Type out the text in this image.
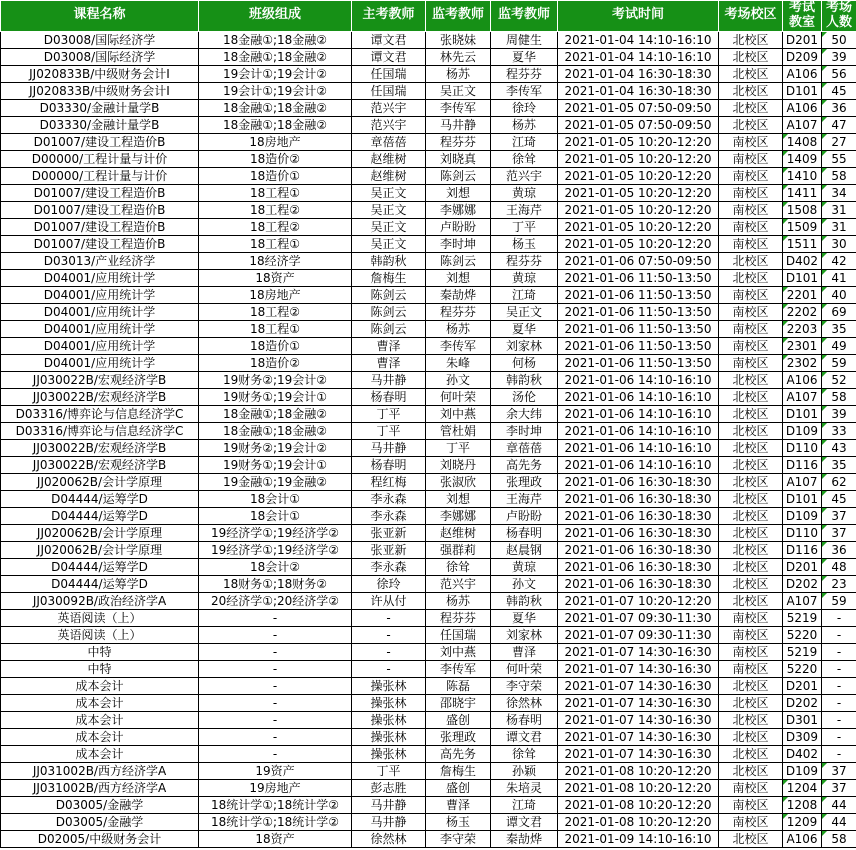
课程名称	班级组成	主考教师	监考教师	监考教师	考试时间	考场校区	考试教室	考场人数
D03008/国际经济学	18金融①;18金融②	谭文君	张晓妹	周健生	2021-01-04 14:10-16:10	北校区	D201	50
D03008/国际经济学	18金融①;18金融②	谭文君	林先云	夏华	2021-01-04 14:10-16:10	北校区	D209	39
JJ020833B/中级财务会计Ⅰ	19会计①;19会计②	任国瑞	杨苏	程芬芬	2021-01-04 16:30-18:30	北校区	A106	56
JJ020833B/中级财务会计Ⅰ	19会计①;19会计②	任国瑞	吴正文	李传军	2021-01-04 16:30-18:30	北校区	D101	45
D03330/金融计量学B	18金融①;18金融②	范兴宇	李传军	徐玲	2021-01-05 07:50-09:50	北校区	A106	36
D03330/金融计量学B	18金融①;18金融②	范兴宇	马井静	杨苏	2021-01-05 07:50-09:50	北校区	A107	47
D01007/建设工程造价B	18房地产	章蓓蓓	程芬芬	江琦	2021-01-05 10:20-12:20	南校区	1408	27
D00000/工程计量与计价	18造价②	赵维树	刘晓真	徐耸	2021-01-05 10:20-12:20	南校区	1409	55
D00000/工程计量与计价	18造价①	赵维树	陈剑云	范兴宇	2021-01-05 10:20-12:20	南校区	1410	58
D01007/建设工程造价B	18工程①	吴正文	刘想	黄琼	2021-01-05 10:20-12:20	南校区	1411	34
D01007/建设工程造价B	18工程②	吴正文	李娜娜	王海芹	2021-01-05 10:20-12:20	南校区	1508	31
D01007/建设工程造价B	18工程②	吴正文	卢盼盼	丁平	2021-01-05 10:20-12:20	南校区	1509	31
D01007/建设工程造价B	18工程①	吴正文	李时坤	杨玉	2021-01-05 10:20-12:20	南校区	1511	30
D03013/产业经济学	18经济学	韩韵秋	陈剑云	程芬芬	2021-01-06 07:50-09:50	北校区	D402	42
D04001/应用统计学	18资产	詹梅生	刘想	黄琼	2021-01-06 11:50-13:50	北校区	D101	41
D04001/应用统计学	18房地产	陈剑云	秦劼烨	江琦	2021-01-06 11:50-13:50	南校区	2201	40
D04001/应用统计学	18工程②	陈剑云	程芬芬	吴正文	2021-01-06 11:50-13:50	南校区	2202	69
D04001/应用统计学	18工程①	陈剑云	杨苏	夏华	2021-01-06 11:50-13:50	南校区	2203	35
D04001/应用统计学	18造价①	曹泽	李传军	刘家林	2021-01-06 11:50-13:50	南校区	2301	49
D04001/应用统计学	18造价②	曹泽	朱峰	何杨	2021-01-06 11:50-13:50	南校区	2302	59
JJ030022B/宏观经济学B	19财务②;19会计②	马井静	孙文	韩韵秋	2021-01-06 14:10-16:10	北校区	A106	52
JJ030022B/宏观经济学B	19财务①;19会计①	杨春明	何叶荣	汤伦	2021-01-06 14:10-16:10	北校区	A107	58
D03316/博弈论与信息经济学C	18金融①;18金融②	丁平	刘中燕	余大纬	2021-01-06 14:10-16:10	北校区	D101	39
D03316/博弈论与信息经济学C	18金融①;18金融②	丁平	管杜娟	李时坤	2021-01-06 14:10-16:10	北校区	D109	33
JJ030022B/宏观经济学B	19财务②;19会计②	马井静	丁平	章蓓蓓	2021-01-06 14:10-16:10	北校区	D110	43
JJ030022B/宏观经济学B	19财务①;19会计①	杨春明	刘晓丹	高先务	2021-01-06 14:10-16:10	北校区	D116	35
JJ020062B/会计学原理	19金融①;19金融②	程红梅	张淑欣	张理政	2021-01-06 16:30-18:30	北校区	A107	62
D04444/运筹学D	18会计①	李永森	刘想	王海芹	2021-01-06 16:30-18:30	北校区	D101	45
D04444/运筹学D	18会计①	李永森	李娜娜	卢盼盼	2021-01-06 16:30-18:30	北校区	D109	37
JJ020062B/会计学原理	19经济学①;19经济学②	张亚新	赵维树	杨春明	2021-01-06 16:30-18:30	北校区	D110	37
JJ020062B/会计学原理	19经济学①;19经济学②	张亚新	强群莉	赵晨钢	2021-01-06 16:30-18:30	北校区	D116	36
D04444/运筹学D	18会计②	李永森	徐耸	黄琼	2021-01-06 16:30-18:30	北校区	D201	48
D04444/运筹学D	18财务①;18财务②	徐玲	范兴宇	孙文	2021-01-06 16:30-18:30	北校区	D202	23
JJ030092B/政治经济学A	20经济学①;20经济学②	许从付	杨苏	韩韵秋	2021-01-07 10:20-12:20	北校区	A107	59
英语阅读（上）	-	-	程芬芬	夏华	2021-01-07 09:30-11:30	南校区	5219	-
英语阅读（上）	-	-	任国瑞	刘家林	2021-01-07 09:30-11:30	南校区	5220	-
中特	-	-	刘中燕	曹泽	2021-01-07 14:30-16:30	南校区	5219	-
中特	-	-	李传军	何叶荣	2021-01-07 14:30-16:30	南校区	5220	-
成本会计	-	操张林	陈磊	李守荣	2021-01-07 14:30-16:30	北校区	D201	-
成本会计	-	操张林	邵晓宇	徐然林	2021-01-07 14:30-16:30	北校区	D202	-
成本会计	-	操张林	盛创	杨春明	2021-01-07 14:30-16:30	北校区	D301	-
成本会计	-	操张林	张理政	谭文君	2021-01-07 14:30-16:30	北校区	D309	-
成本会计	-	操张林	高先务	徐耸	2021-01-07 14:30-16:30	北校区	D402	-
JJ031002B/西方经济学A	19资产	丁平	詹梅生	孙颖	2021-01-08 10:20-12:20	北校区	D109	37
JJ031002B/西方经济学A	19房地产	彭志胜	盛创	朱培灵	2021-01-08 10:20-12:20	南校区	1204	37
D03005/金融学	18统计学①;18统计学②	马井静	曹泽	江琦	2021-01-08 10:20-12:20	南校区	1208	44
D03005/金融学	18统计学①;18统计学②	马井静	杨玉	谭文君	2021-01-08 10:20-12:20	南校区	1209	44
D02005/中级财务会计	18资产	徐然林	李守荣	秦劼烨	2021-01-09 14:10-16:10	北校区	A106	58
